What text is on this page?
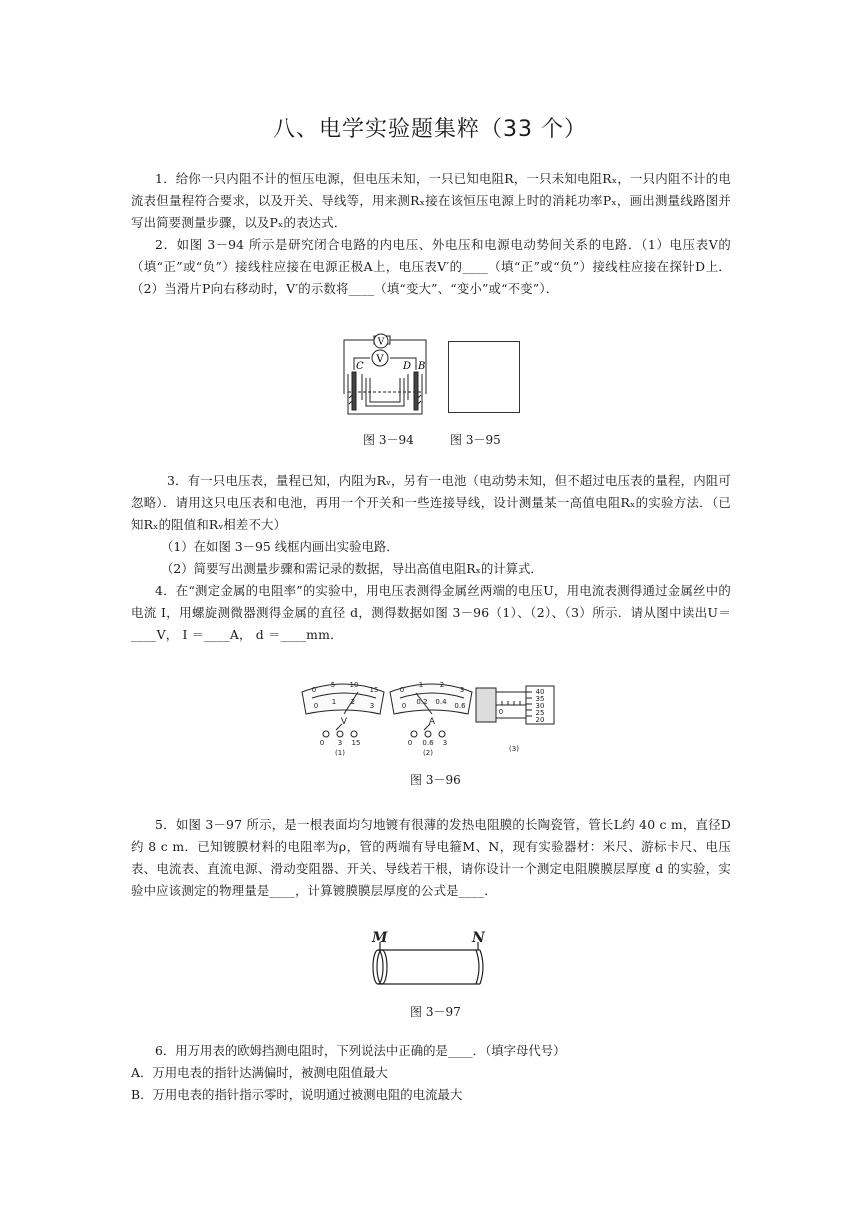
八、电学实验题集粹（33 个）
1．给你一只内阻不计的恒压电源，但电压未知，一只已知电阻R，一只未知电阻Rₓ，一只内阻不计的电流表但量程符合要求，以及开关、导线等，用来测Rₓ接在该恒压电源上时的消耗功率Pₓ，画出测量线路图并写出简要测量步骤，以及Pₓ的表达式．
2．如图 3－94 所示是研究闭合电路的内电压、外电压和电源电动势间关系的电路．（1）电压表V的（填“正”或“负”）接线柱应接在电源正极A上，电压表V′的____（填“正”或“负”）接线柱应接在探针D上．（2）当滑片P向右移动时，V′的示数将____（填“变大”、“变小”或“不变”）．
V
C	D B
V
图 3－94	图 3－95
3．有一只电压表，量程已知，内阻为Rᵥ，另有一电池（电动势未知，但不超过电压表的量程，内阻可忽略）．请用这只电压表和电池，再用一个开关和一些连接导线，设计测量某一高值电阻Rₓ的实验方法．（已知Rₓ的阻值和Rᵥ相差不大）
（1）在如图 3－95 线框内画出实验电路．
（2）简要写出测量步骤和需记录的数据，导出高值电阻Rₓ的计算式．
4．在“测定金属的电阻率”的实验中，用电压表测得金属丝两端的电压U，用电流表测得通过金属丝中的电流 I，用螺旋测微器测得金属的直径 d，测得数据如图 3－96（1）、（2）、（3）所示．请从图中读出U＝____V， I ＝____A， d ＝____mm．
0
5 10
15
0 1 2 3
V
0 3 15
(1)
0
1 2
3
0 0.2 0.4 0.6
A
0 0.6 3
(2)
40
35
30
25
20
0
(3)
图 3－96
5．如图 3－97 所示，是一根表面均匀地镀有很薄的发热电阻膜的长陶瓷管，管长L约 40 c m，直径D约 8 c m．已知镀膜材料的电阻率为ρ，管的两端有导电箍M、N，现有实验器材：米尺、游标卡尺、电压表、电流表、直流电源、滑动变阻器、开关、导线若干根，请你设计一个测定电阻膜膜层厚度 d 的实验，实验中应该测定的物理量是____，计算镀膜膜层厚度的公式是____．
M	N
图 3－97
6．用万用表的欧姆挡测电阻时，下列说法中正确的是____．（填字母代号）
A．万用电表的指针达满偏时，被测电阻值最大
B．万用电表的指针指示零时，说明通过被测电阻的电流最大
